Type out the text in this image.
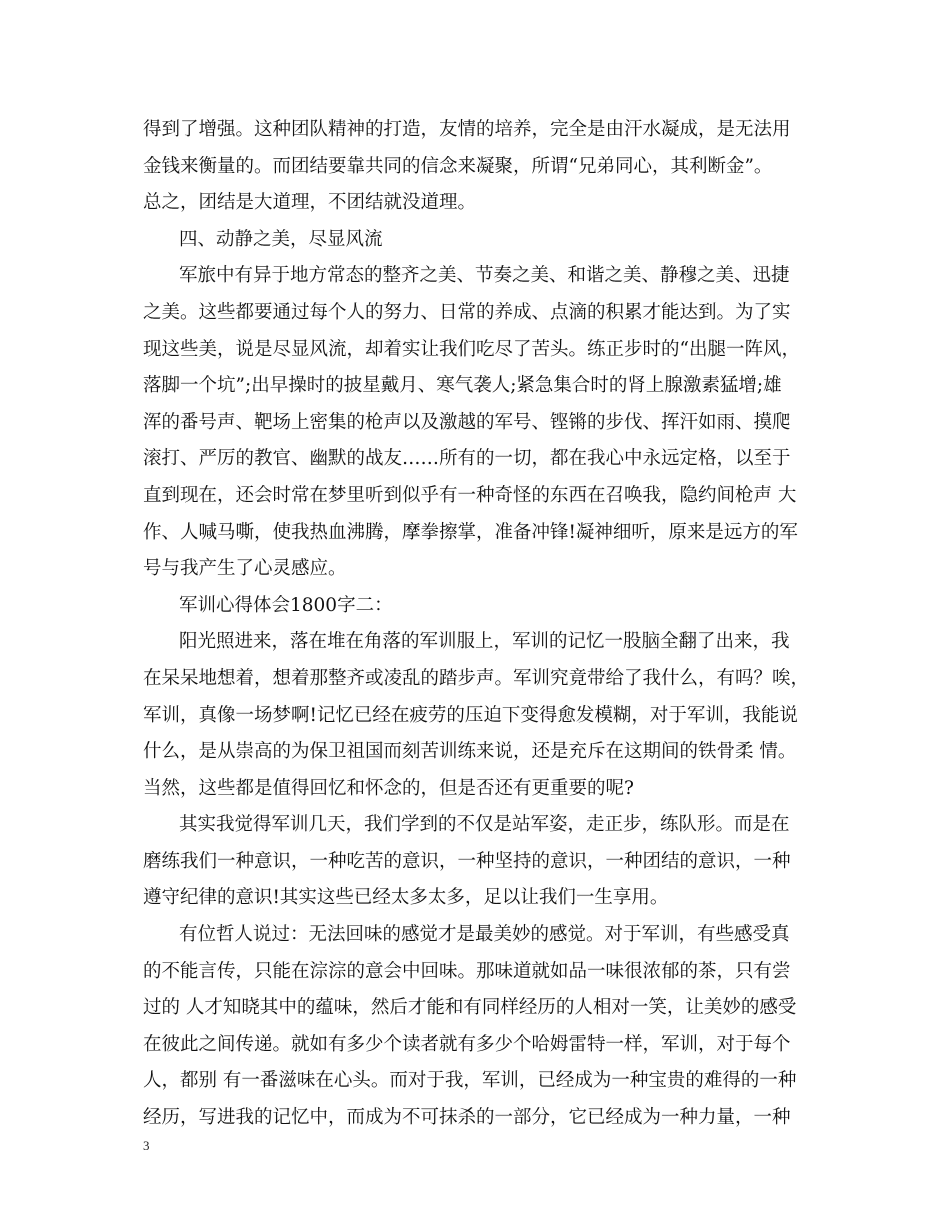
得到了增强。这种团队精神的打造，友情的培养，完全是由汗水凝成，是无法用
金钱来衡量的。而团结要靠共同的信念来凝聚，所谓“兄弟同心，其利断金”。
总之，团结是大道理，不团结就没道理。
四、动静之美，尽显风流
军旅中有异于地方常态的整齐之美、节奏之美、和谐之美、静穆之美、迅捷
之美。这些都要通过每个人的努力、日常的养成、点滴的积累才能达到。为了实
现这些美，说是尽显风流，却着实让我们吃尽了苦头。练正步时的“出腿一阵风，
落脚一个坑”;出早操时的披星戴月、寒气袭人;紧急集合时的肾上腺激素猛增;雄
浑的番号声、靶场上密集的枪声以及激越的军号、铿锵的步伐、挥汗如雨、摸爬
滚打、严厉的教官、幽默的战友……所有的一切，都在我心中永远定格，以至于
直到现在，还会时常在梦里听到似乎有一种奇怪的东西在召唤我，隐约间枪声 大
作、人喊马嘶，使我热血沸腾，摩拳擦掌，准备冲锋!凝神细听，原来是远方的军
号与我产生了心灵感应。
军训心得体会1800字二：
阳光照进来，落在堆在角落的军训服上，军训的记忆一股脑全翻了出来，我
在呆呆地想着，想着那整齐或凌乱的踏步声。军训究竟带给了我什么，有吗？唉，
军训，真像一场梦啊!记忆已经在疲劳的压迫下变得愈发模糊，对于军训，我能说
什么，是从崇高的为保卫祖国而刻苦训练来说，还是充斥在这期间的铁骨柔 情。
当然，这些都是值得回忆和怀念的，但是否还有更重要的呢?
其实我觉得军训几天，我们学到的不仅是站军姿，走正步，练队形。而是在
磨练我们一种意识，一种吃苦的意识，一种坚持的意识，一种团结的意识，一种
遵守纪律的意识!其实这些已经太多太多，足以让我们一生享用。
有位哲人说过：无法回味的感觉才是最美妙的感觉。对于军训，有些感受真
的不能言传，只能在淙淙的意会中回味。那味道就如品一味很浓郁的茶，只有尝
过的 人才知晓其中的蕴味，然后才能和有同样经历的人相对一笑，让美妙的感受
在彼此之间传递。就如有多少个读者就有多少个哈姆雷特一样，军训，对于每个
人，都别 有一番滋味在心头。而对于我，军训，已经成为一种宝贵的难得的一种
经历，写进我的记忆中，而成为不可抹杀的一部分，它已经成为一种力量，一种
3
